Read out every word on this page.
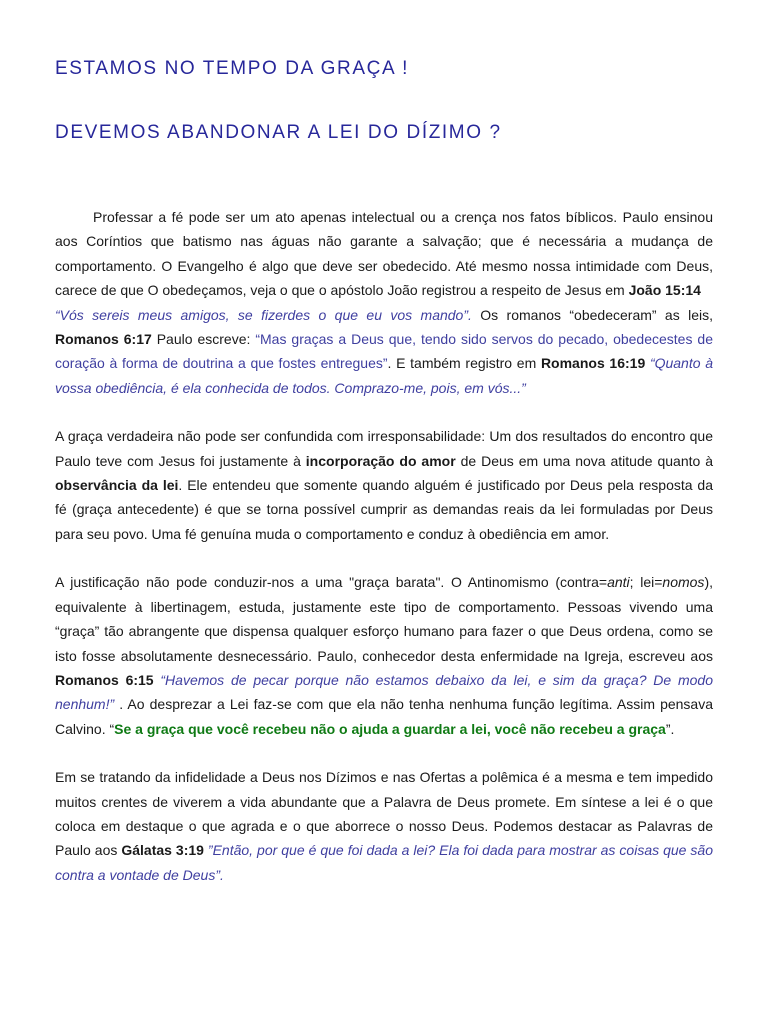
ESTAMOS NO TEMPO DA GRAÇA !
DEVEMOS ABANDONAR A LEI DO DÍZIMO ?

Professar a fé pode ser um ato apenas intelectual ou a crença nos fatos bíblicos. Paulo ensinou aos Coríntios que batismo nas águas não garante a salvação; que é necessária a mudança de comportamento. O Evangelho é algo que deve ser obedecido. Até mesmo nossa intimidade com Deus, carece de que O obedeçamos, veja o que o apóstolo João registrou a respeito de Jesus em João 15:14
“Vós sereis meus amigos, se fizerdes o que eu vos mando”. Os romanos “obedeceram” as leis, Romanos 6:17 Paulo escreve: “Mas graças a Deus que, tendo sido servos do pecado, obedecestes de coração à forma de doutrina a que fostes entregues”. E também registro em Romanos 16:19 “Quanto à vossa obediência, é ela conhecida de todos. Comprazo-me, pois, em vós...”

A graça verdadeira não pode ser confundida com irresponsabilidade: Um dos resultados do encontro que Paulo teve com Jesus foi justamente à incorporação do amor de Deus em uma nova atitude quanto à observância da lei. Ele entendeu que somente quando alguém é justificado por Deus pela resposta da fé (graça antecedente) é que se torna possível cumprir as demandas reais da lei formuladas por Deus para seu povo. Uma fé genuína muda o comportamento e conduz à obediência em amor.

A justificação não pode conduzir-nos a uma "graça barata". O Antinomismo (contra=anti; lei=nomos), equivalente à libertinagem, estuda, justamente este tipo de comportamento. Pessoas vivendo uma “graça” tão abrangente que dispensa qualquer esforço humano para fazer o que Deus ordena, como se isto fosse absolutamente desnecessário. Paulo, conhecedor desta enfermidade na Igreja, escreveu aos Romanos 6:15 “Havemos de pecar porque não estamos debaixo da lei, e sim da graça? De modo nenhum!” . Ao desprezar a Lei faz-se com que ela não tenha nenhuma função legítima. Assim pensava Calvino. “Se a graça que você recebeu não o ajuda a guardar a lei, você não recebeu a graça”.

Em se tratando da infidelidade a Deus nos Dízimos e nas Ofertas a polêmica é a mesma e tem impedido muitos crentes de viverem a vida abundante que a Palavra de Deus promete. Em síntese a lei é o que coloca em destaque o que agrada e o que aborrece o nosso Deus. Podemos destacar as Palavras de Paulo aos Gálatas 3:19 ”Então, por que é que foi dada a lei? Ela foi dada para mostrar as coisas que são contra a vontade de Deus”.
